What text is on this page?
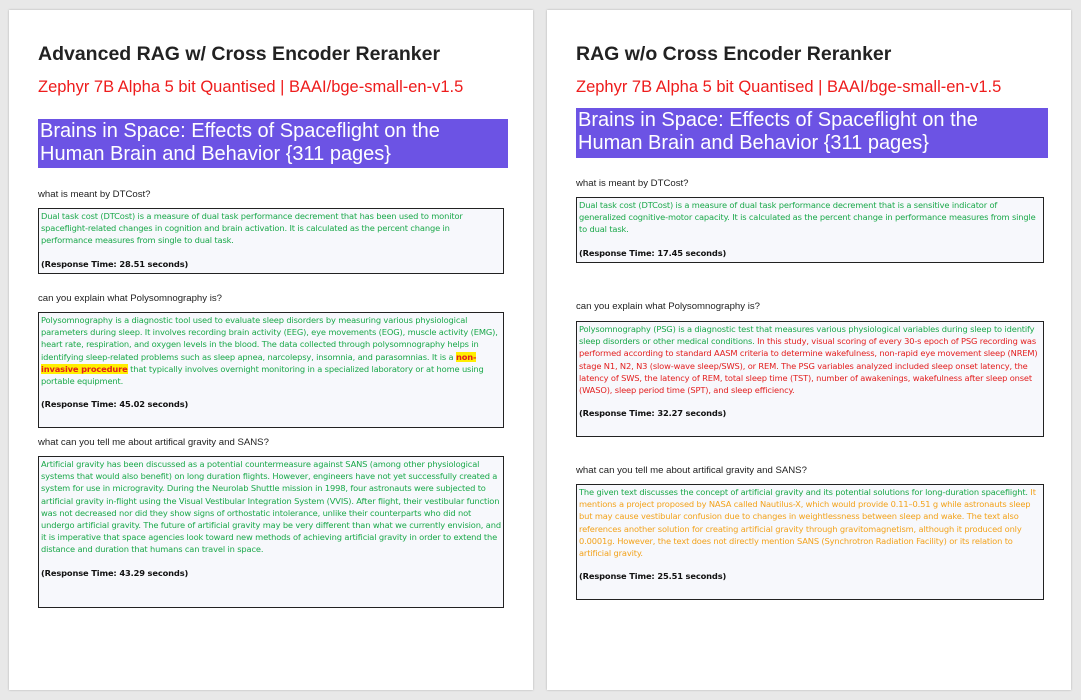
Advanced RAG w/ Cross Encoder Reranker
Zephyr 7B Alpha 5 bit Quantised | BAAI/bge-small-en-v1.5
Brains in Space: Effects of Spaceflight on the Human Brain and Behavior {311 pages}
what is meant by DTCost?
Dual task cost (DTCost) is a measure of dual task performance decrement that has been used to monitor spaceflight-related changes in cognition and brain activation. It is calculated as the percent change in performance measures from single to dual task.
(Response Time: 28.51 seconds)
can you explain what Polysomnography is?
Polysomnography is a diagnostic tool used to evaluate sleep disorders by measuring various physiological parameters during sleep. It involves recording brain activity (EEG), eye movements (EOG), muscle activity (EMG), heart rate, respiration, and oxygen levels in the blood. The data collected through polysomnography helps in identifying sleep-related problems such as sleep apnea, narcolepsy, insomnia, and parasomnias. It is a non-invasive procedure that typically involves overnight monitoring in a specialized laboratory or at home using portable equipment.
(Response Time: 45.02 seconds)
what can you tell me about artifical gravity and SANS?
Artificial gravity has been discussed as a potential countermeasure against SANS (among other physiological systems that would also benefit) on long duration flights. However, engineers have not yet successfully created a system for use in microgravity. During the Neurolab Shuttle mission in 1998, four astronauts were subjected to artificial gravity in-flight using the Visual Vestibular Integration System (VVIS). After flight, their vestibular function was not decreased nor did they show signs of orthostatic intolerance, unlike their counterparts who did not undergo artificial gravity. The future of artificial gravity may be very different than what we currently envision, and it is imperative that space agencies look toward new methods of achieving artificial gravity in order to extend the distance and duration that humans can travel in space.
(Response Time: 43.29 seconds)
RAG w/o Cross Encoder Reranker
Zephyr 7B Alpha 5 bit Quantised | BAAI/bge-small-en-v1.5
Brains in Space: Effects of Spaceflight on the Human Brain and Behavior {311 pages}
what is meant by DTCost?
Dual task cost (DTCost) is a measure of dual task performance decrement that is a sensitive indicator of generalized cognitive-motor capacity. It is calculated as the percent change in performance measures from single to dual task.
(Response Time: 17.45 seconds)
can you explain what Polysomnography is?
Polysomnography (PSG) is a diagnostic test that measures various physiological variables during sleep to identify sleep disorders or other medical conditions. In this study, visual scoring of every 30-s epoch of PSG recording was performed according to standard AASM criteria to determine wakefulness, non-rapid eye movement sleep (NREM) stage N1, N2, N3 (slow-wave sleep/SWS), or REM. The PSG variables analyzed included sleep onset latency, the latency of SWS, the latency of REM, total sleep time (TST), number of awakenings, wakefulness after sleep onset (WASO), sleep period time (SPT), and sleep efficiency.
(Response Time: 32.27 seconds)
what can you tell me about artifical gravity and SANS?
The given text discusses the concept of artificial gravity and its potential solutions for long-duration spaceflight. It mentions a project proposed by NASA called Nautilus-X, which would provide 0.11–0.51 g while astronauts sleep but may cause vestibular confusion due to changes in weightlessness between sleep and wake. The text also references another solution for creating artificial gravity through gravitomagnetism, although it produced only 0.0001g. However, the text does not directly mention SANS (Synchrotron Radiation Facility) or its relation to artificial gravity.
(Response Time: 25.51 seconds)
